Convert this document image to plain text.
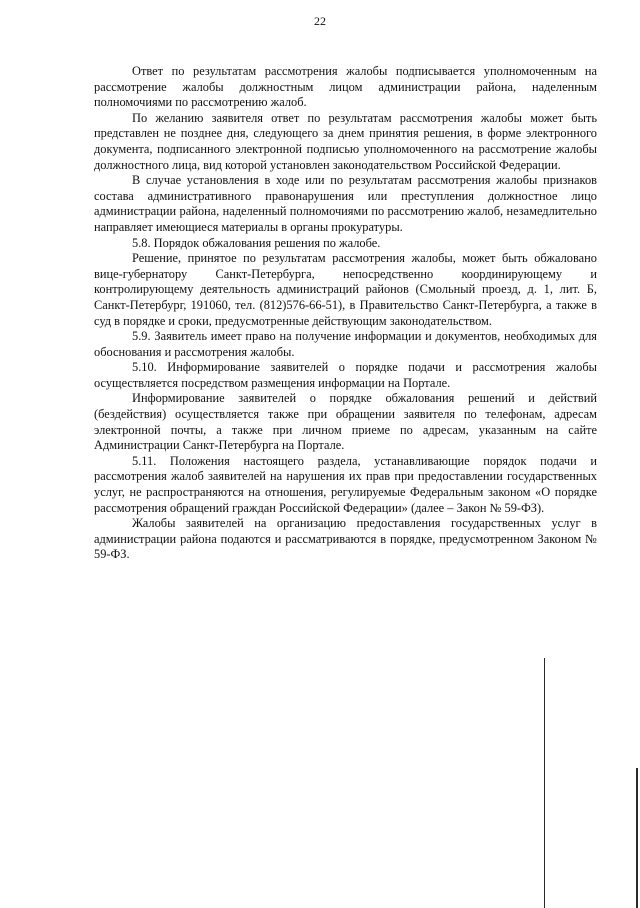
22

Ответ по результатам рассмотрения жалобы подписывается уполномоченным на рассмотрение жалобы должностным лицом администрации района, наделенным полномочиями по рассмотрению жалоб.

По желанию заявителя ответ по результатам рассмотрения жалобы может быть представлен не позднее дня, следующего за днем принятия решения, в форме электронного документа, подписанного электронной подписью уполномоченного на рассмотрение жалобы должностного лица, вид которой установлен законодательством Российской Федерации.

В случае установления в ходе или по результатам рассмотрения жалобы признаков состава административного правонарушения или преступления должностное лицо администрации района, наделенный полномочиями по рассмотрению жалоб, незамедлительно направляет имеющиеся материалы в органы прокуратуры.

5.8. Порядок обжалования решения по жалобе.

Решение, принятое по результатам рассмотрения жалобы, может быть обжаловано вице-губернатору Санкт-Петербурга, непосредственно координирующему и контролирующему деятельность администраций районов (Смольный проезд, д. 1, лит. Б, Санкт-Петербург, 191060, тел. (812)576-66-51), в Правительство Санкт-Петербурга, а также в суд в порядке и сроки, предусмотренные действующим законодательством.

5.9. Заявитель имеет право на получение информации и документов, необходимых для обоснования и рассмотрения жалобы.

5.10. Информирование заявителей о порядке подачи и рассмотрения жалобы осуществляется посредством размещения информации на Портале.

Информирование заявителей о порядке обжалования решений и действий (бездействия) осуществляется также при обращении заявителя по телефонам, адресам электронной почты, а также при личном приеме по адресам, указанным на сайте Администрации Санкт-Петербурга на Портале.

5.11. Положения настоящего раздела, устанавливающие порядок подачи и рассмотрения жалоб заявителей на нарушения их прав при предоставлении государственных услуг, не распространяются на отношения, регулируемые Федеральным законом «О порядке рассмотрения обращений граждан Российской Федерации» (далее – Закон № 59-ФЗ).

Жалобы заявителей на организацию предоставления государственных услуг в администрации района подаются и рассматриваются в порядке, предусмотренном Законом № 59-ФЗ.
